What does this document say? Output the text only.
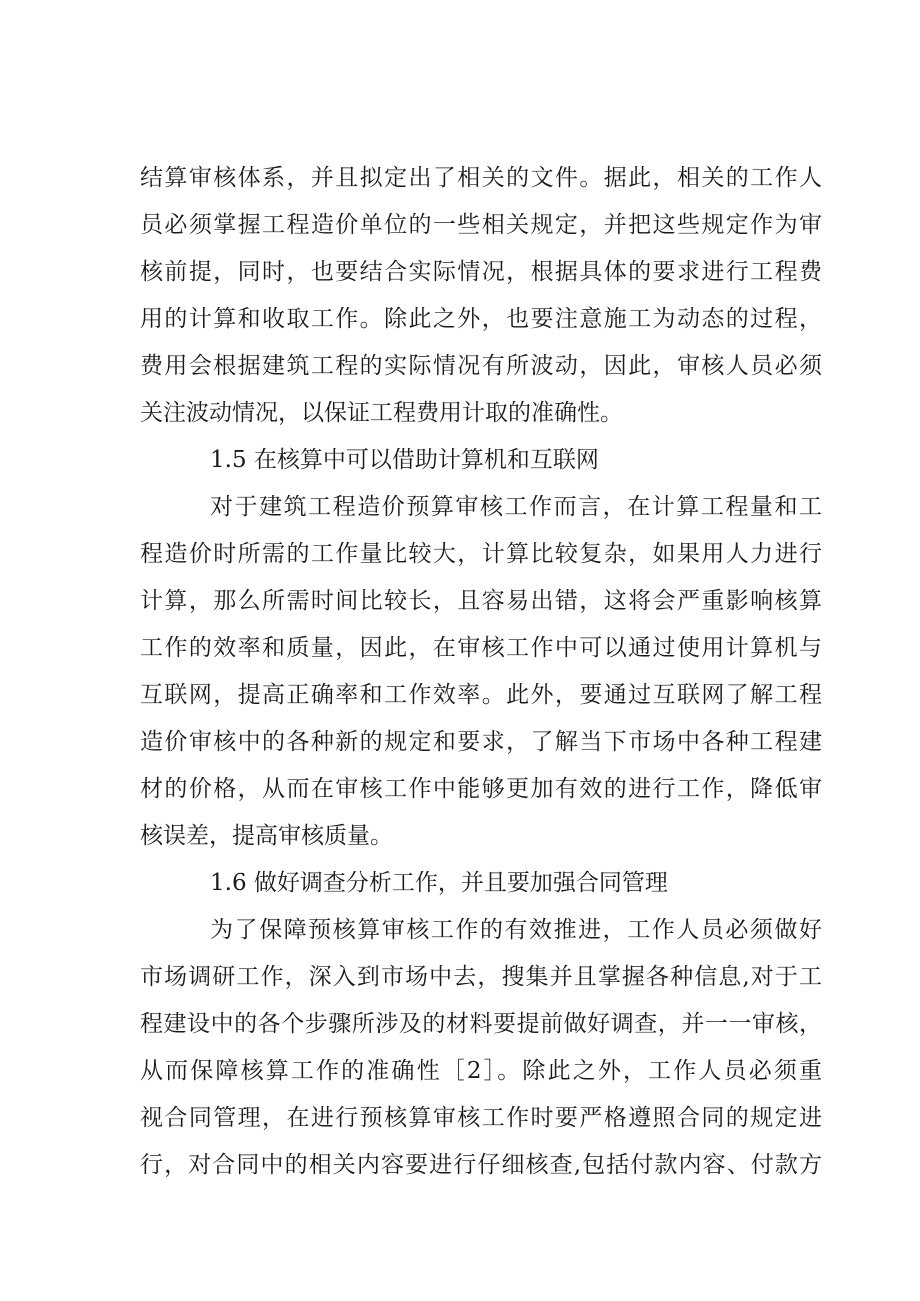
结算审核体系，并且拟定出了相关的文件。据此，相关的工作人
员必须掌握工程造价单位的一些相关规定，并把这些规定作为审
核前提，同时，也要结合实际情况，根据具体的要求进行工程费
用的计算和收取工作。除此之外，也要注意施工为动态的过程，
费用会根据建筑工程的实际情况有所波动，因此，审核人员必须
关注波动情况，以保证工程费用计取的准确性。
1.5 在核算中可以借助计算机和互联网
对于建筑工程造价预算审核工作而言，在计算工程量和工
程造价时所需的工作量比较大，计算比较复杂，如果用人力进行
计算，那么所需时间比较长，且容易出错，这将会严重影响核算
工作的效率和质量，因此，在审核工作中可以通过使用计算机与
互联网，提高正确率和工作效率。此外，要通过互联网了解工程
造价审核中的各种新的规定和要求，了解当下市场中各种工程建
材的价格，从而在审核工作中能够更加有效的进行工作，降低审
核误差，提高审核质量。
1.6 做好调查分析工作，并且要加强合同管理
为了保障预核算审核工作的有效推进，工作人员必须做好
市场调研工作，深入到市场中去，搜集并且掌握各种信息,对于工
程建设中的各个步骤所涉及的材料要提前做好调查，并一一审核，
从而保障核算工作的准确性［2］。除此之外，工作人员必须重
视合同管理，在进行预核算审核工作时要严格遵照合同的规定进
行，对合同中的相关内容要进行仔细核查,包括付款内容、付款方
